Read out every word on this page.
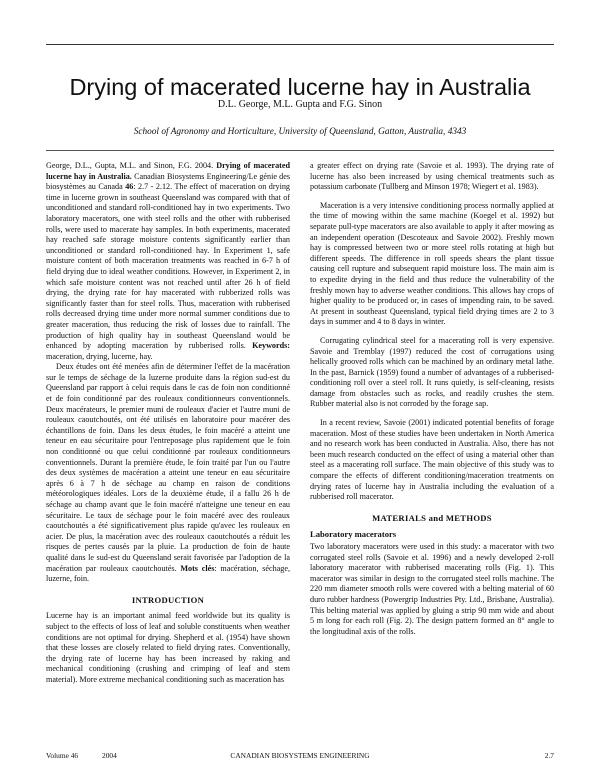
Drying of macerated lucerne hay in Australia
D.L. George, M.L. Gupta and F.G. Sinon
School of Agronomy and Horticulture, University of Queensland, Gatton, Australia, 4343

George, D.L., Gupta, M.L. and Sinon, F.G. 2004. Drying of macerated lucerne hay in Australia. Canadian Biosystems Engineering/Le génie des biosystèmes au Canada 46: 2.7 - 2.12. The effect of maceration on drying time in lucerne grown in southeast Queensland was compared with that of unconditioned and standard roll-conditioned hay in two experiments. Two laboratory macerators, one with steel rolls and the other with rubberised rolls, were used to macerate hay samples. In both experiments, macerated hay reached safe storage moisture contents significantly earlier than unconditioned or standard roll-conditioned hay. In Experiment 1, safe moisture content of both maceration treatments was reached in 6-7 h of field drying due to ideal weather conditions. However, in Experiment 2, in which safe moisture content was not reached until after 26 h of field drying, the drying rate for hay macerated with rubberized rolls was significantly faster than for steel rolls. Thus, maceration with rubberised rolls decreased drying time under more normal summer conditions due to greater maceration, thus reducing the risk of losses due to rainfall. The production of high quality hay in southeast Queensland would be enhanced by adopting maceration by rubberised rolls. Keywords: maceration, drying, lucerne, hay.

Deux études ont été menées afin de déterminer l'effet de la macération sur le temps de séchage de la luzerne produite dans la région sud-est du Queensland par rapport à celui requis dans le cas de foin non conditionné et de foin conditionné par des rouleaux conditionneurs conventionnels. Deux macérateurs, le premier muni de rouleaux d'acier et l'autre muni de rouleaux caoutchoutés, ont été utilisés en laboratoire pour macérer des échantillons de foin. Dans les deux études, le foin macéré a atteint une teneur en eau sécuritaire pour l'entreposage plus rapidement que le foin non conditionné ou que celui conditionné par rouleaux conditionneurs conventionnels. Durant la première étude, le foin traité par l'un ou l'autre des deux systèmes de macération a atteint une teneur en eau sécuritaire après 6 à 7 h de séchage au champ en raison de conditions météorologiques idéales. Lors de la deuxième étude, il a fallu 26 h de séchage au champ avant que le foin macéré n'atteigne une teneur en eau sécuritaire. Le taux de séchage pour le foin macéré avec des rouleaux caoutchoutés a été significativement plus rapide qu'avec les rouleaux en acier. De plus, la macération avec des rouleaux caoutchoutés a réduit les risques de pertes causés par la pluie. La production de foin de haute qualité dans le sud-est du Queensland serait favorisée par l'adoption de la macération par rouleaux caoutchoutés. Mots clés: macération, séchage, luzerne, foin.

INTRODUCTION

Lucerne hay is an important animal feed worldwide but its quality is subject to the effects of loss of leaf and soluble constituents when weather conditions are not optimal for drying. Shepherd et al. (1954) have shown that these losses are closely related to field drying rates. Conventionally, the drying rate of lucerne hay has been increased by raking and mechanical conditioning (crushing and crimping of leaf and stem material). More extreme mechanical conditioning such as maceration has

a greater effect on drying rate (Savoie et al. 1993). The drying rate of lucerne has also been increased by using chemical treatments such as potassium carbonate (Tullberg and Minson 1978; Wiegert et al. 1983).

Maceration is a very intensive conditioning process normally applied at the time of mowing within the same machine (Koegel et al. 1992) but separate pull-type macerators are also available to apply it after mowing as an independent operation (Descoteaux and Savoie 2002). Freshly mown hay is compressed between two or more steel rolls rotating at high but different speeds. The difference in roll speeds shears the plant tissue causing cell rupture and subsequent rapid moisture loss. The main aim is to expedite drying in the field and thus reduce the vulnerability of the freshly mown hay to adverse weather conditions. This allows hay crops of higher quality to be produced or, in cases of impending rain, to be saved. At present in southeast Queensland, typical field drying times are 2 to 3 days in summer and 4 to 8 days in winter.

Corrugating cylindrical steel for a macerating roll is very expensive. Savoie and Tremblay (1997) reduced the cost of corrugations using helically grooved rolls which can be machined by an ordinary metal lathe. In the past, Barnick (1959) found a number of advantages of a rubberised-conditioning roll over a steel roll. It runs quietly, is self-cleaning, resists damage from obstacles such as rocks, and readily crushes the stem. Rubber material also is not corroded by the forage sap.

In a recent review, Savoie (2001) indicated potential benefits of forage maceration. Most of these studies have been undertaken in North America and no research work has been conducted in Australia. Also, there has not been much research conducted on the effect of using a material other than steel as a macerating roll surface. The main objective of this study was to compare the effects of different conditioning/maceration treatments on drying rates of lucerne hay in Australia including the evaluation of a rubberised roll macerator.

MATERIALS and METHODS

Laboratory macerators

Two laboratory macerators were used in this study: a macerator with two corrugated steel rolls (Savoie et al. 1996) and a newly developed 2-roll laboratory macerator with rubberised macerating rolls (Fig. 1). This macerator was similar in design to the corrugated steel rolls machine. The 220 mm diameter smooth rolls were covered with a belting material of 60 duro rubber hardness (Powergrip Industries Pty. Ltd., Brisbane, Australia). This belting material was applied by gluing a strip 90 mm wide and about 5 m long for each roll (Fig. 2). The design pattern formed an 8° angle to the longitudinal axis of the rolls.

Volume 46	2004	CANADIAN BIOSYSTEMS ENGINEERING	2.7
